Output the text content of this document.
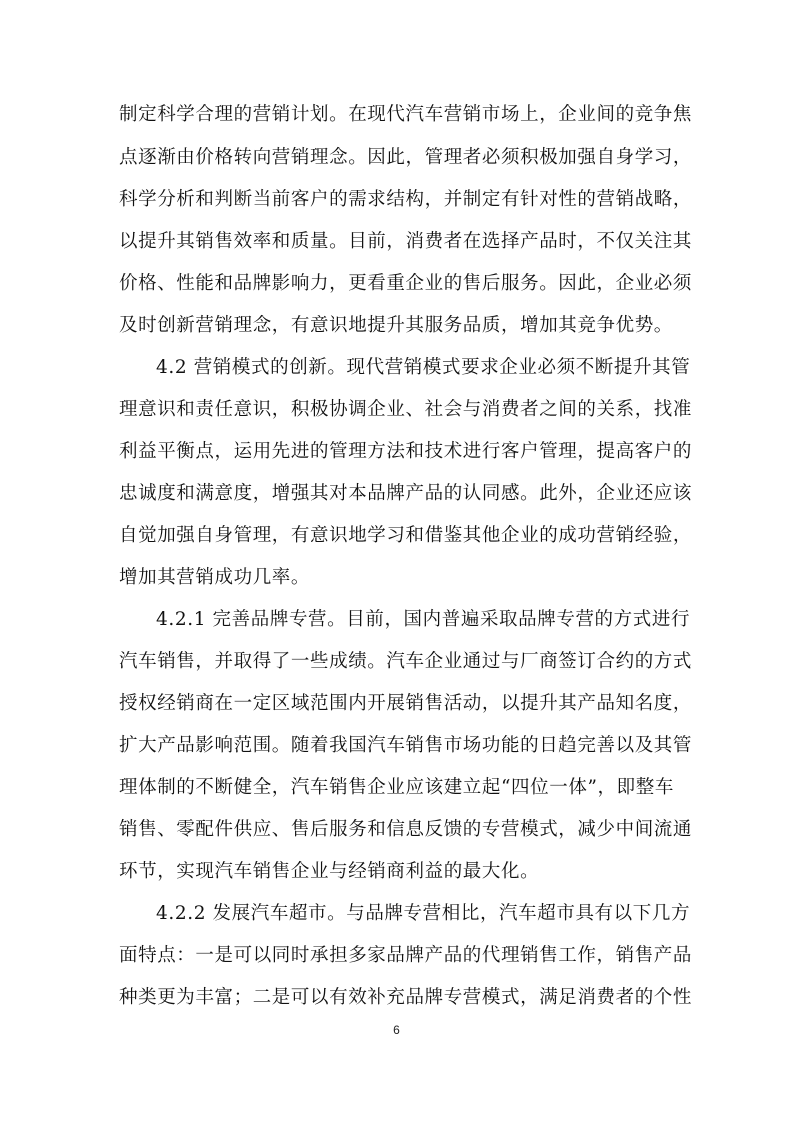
制定科学合理的营销计划。在现代汽车营销市场上，企业间的竞争焦
点逐渐由价格转向营销理念。因此，管理者必须积极加强自身学习，
科学分析和判断当前客户的需求结构，并制定有针对性的营销战略，
以提升其销售效率和质量。目前，消费者在选择产品时，不仅关注其
价格、性能和品牌影响力，更看重企业的售后服务。因此，企业必须
及时创新营销理念，有意识地提升其服务品质，增加其竞争优势。
4.2 营销模式的创新。现代营销模式要求企业必须不断提升其管
理意识和责任意识，积极协调企业、社会与消费者之间的关系，找准
利益平衡点，运用先进的管理方法和技术进行客户管理，提高客户的
忠诚度和满意度，增强其对本品牌产品的认同感。此外，企业还应该
自觉加强自身管理，有意识地学习和借鉴其他企业的成功营销经验，
增加其营销成功几率。
4.2.1 完善品牌专营。目前，国内普遍采取品牌专营的方式进行
汽车销售，并取得了一些成绩。汽车企业通过与厂商签订合约的方式
授权经销商在一定区域范围内开展销售活动，以提升其产品知名度，
扩大产品影响范围。随着我国汽车销售市场功能的日趋完善以及其管
理体制的不断健全，汽车销售企业应该建立起“四位一体”，即整车
销售、零配件供应、售后服务和信息反馈的专营模式，减少中间流通
环节，实现汽车销售企业与经销商利益的最大化。
4.2.2 发展汽车超市。与品牌专营相比，汽车超市具有以下几方
面特点：一是可以同时承担多家品牌产品的代理销售工作，销售产品
种类更为丰富；二是可以有效补充品牌专营模式，满足消费者的个性
6
